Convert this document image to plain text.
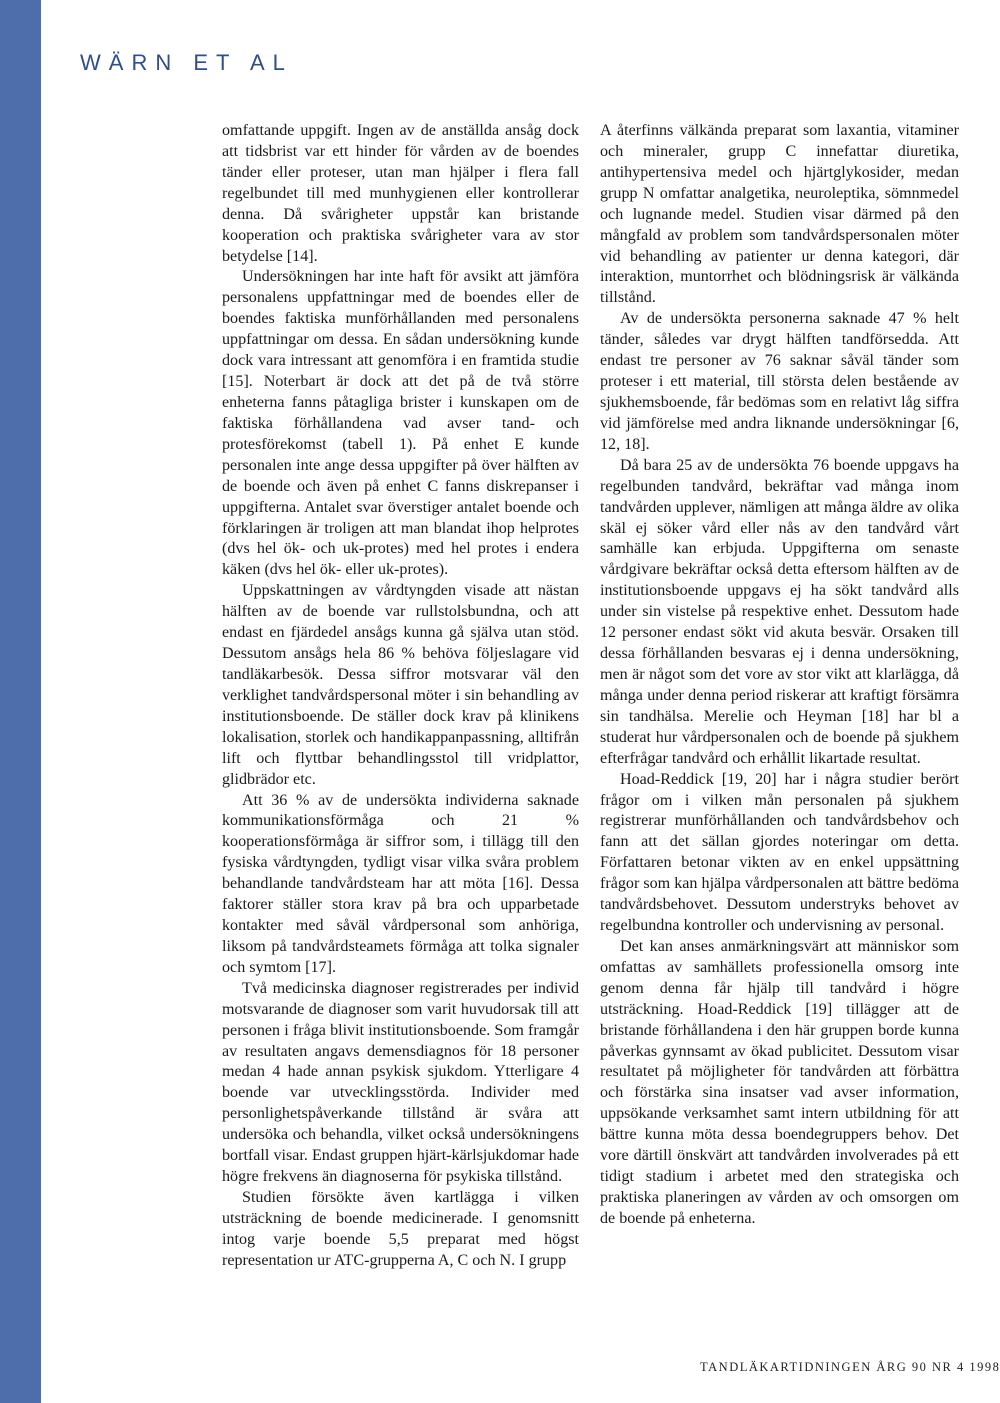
WÄRN ET AL

omfattande uppgift. Ingen av de anställda ansåg dock att tidsbrist var ett hinder för vården av de boendes tänder eller proteser, utan man hjälper i flera fall regelbundet till med munhygienen eller kontrollerar denna. Då svårigheter uppstår kan bristande kooperation och praktiska svårigheter vara av stor betydelse [14].

Undersökningen har inte haft för avsikt att jämföra personalens uppfattningar med de boendes eller de boendes faktiska munförhållanden med personalens uppfattningar om dessa. En sådan undersökning kunde dock vara intressant att genomföra i en framtida studie [15]. Noterbart är dock att det på de två större enheterna fanns påtagliga brister i kunskapen om de faktiska förhållandena vad avser tand- och protesförekomst (tabell 1). På enhet E kunde personalen inte ange dessa uppgifter på över hälften av de boende och även på enhet C fanns diskrepanser i uppgifterna. Antalet svar överstiger antalet boende och förklaringen är troligen att man blandat ihop helprotes (dvs hel ök- och uk-protes) med hel protes i endera käken (dvs hel ök- eller uk-protes).

Uppskattningen av vårdtyngden visade att nästan hälften av de boende var rullstolsbundna, och att endast en fjärdedel ansågs kunna gå själva utan stöd. Dessutom ansågs hela 86 % behöva följeslagare vid tandläkarbesök. Dessa siffror motsvarar väl den verklighet tandvårdspersonal möter i sin behandling av institutionsboende. De ställer dock krav på klinikens lokalisation, storlek och handikappanpassning, alltifrån lift och flyttbar behandlingsstol till vridplattor, glidbrädor etc.

Att 36 % av de undersökta individerna saknade kommunikationsförmåga och 21 % kooperationsförmåga är siffror som, i tillägg till den fysiska vårdtyngden, tydligt visar vilka svåra problem behandlande tandvårdsteam har att möta [16]. Dessa faktorer ställer stora krav på bra och upparbetade kontakter med såväl vårdpersonal som anhöriga, liksom på tandvårdsteamets förmåga att tolka signaler och symtom [17].

Två medicinska diagnoser registrerades per individ motsvarande de diagnoser som varit huvudorsak till att personen i fråga blivit institutionsboende. Som framgår av resultaten angavs demensdiagnos för 18 personer medan 4 hade annan psykisk sjukdom. Ytterligare 4 boende var utvecklingsstörda. Individer med personlighetspåverkande tillstånd är svåra att undersöka och behandla, vilket också undersökningens bortfall visar. Endast gruppen hjärt-kärlsjukdomar hade högre frekvens än diagnoserna för psykiska tillstånd.

Studien försökte även kartlägga i vilken utsträckning de boende medicinerade. I genomsnitt intog varje boende 5,5 preparat med högst representation ur ATC-grupperna A, C och N. I grupp

A återfinns välkända preparat som laxantia, vitaminer och mineraler, grupp C innefattar diuretika, antihypertensiva medel och hjärtglykosider, medan grupp N omfattar analgetika, neuroleptika, sömnmedel och lugnande medel. Studien visar därmed på den mångfald av problem som tandvårdspersonalen möter vid behandling av patienter ur denna kategori, där interaktion, muntorrhet och blödningsrisk är välkända tillstånd.

Av de undersökta personerna saknade 47 % helt tänder, således var drygt hälften tandförsedda. Att endast tre personer av 76 saknar såväl tänder som proteser i ett material, till största delen bestående av sjukhemsboende, får bedömas som en relativt låg siffra vid jämförelse med andra liknande undersökningar [6, 12, 18].

Då bara 25 av de undersökta 76 boende uppgavs ha regelbunden tandvård, bekräftar vad många inom tandvården upplever, nämligen att många äldre av olika skäl ej söker vård eller nås av den tandvård vårt samhälle kan erbjuda. Uppgifterna om senaste vårdgivare bekräftar också detta eftersom hälften av de institutionsboende uppgavs ej ha sökt tandvård alls under sin vistelse på respektive enhet. Dessutom hade 12 personer endast sökt vid akuta besvär. Orsaken till dessa förhållanden besvaras ej i denna undersökning, men är något som det vore av stor vikt att klarlägga, då många under denna period riskerar att kraftigt försämra sin tandhälsa. Merelie och Heyman [18] har bl a studerat hur vårdpersonalen och de boende på sjukhem efterfrågar tandvård och erhållit likartade resultat.

Hoad-Reddick [19, 20] har i några studier berört frågor om i vilken mån personalen på sjukhem registrerar munförhållanden och tandvårdsbehov och fann att det sällan gjordes noteringar om detta. Författaren betonar vikten av en enkel uppsättning frågor som kan hjälpa vårdpersonalen att bättre bedöma tandvårdsbehovet. Dessutom understryks behovet av regelbundna kontroller och undervisning av personal.

Det kan anses anmärkningsvärt att människor som omfattas av samhällets professionella omsorg inte genom denna får hjälp till tandvård i högre utsträckning. Hoad-Reddick [19] tillägger att de bristande förhållandena i den här gruppen borde kunna påverkas gynnsamt av ökad publicitet. Dessutom visar resultatet på möjligheter för tandvården att förbättra och förstärka sina insatser vad avser information, uppsökande verksamhet samt intern utbildning för att bättre kunna möta dessa boendegruppers behov. Det vore därtill önskvärt att tandvården involverades på ett tidigt stadium i arbetet med den strategiska och praktiska planeringen av vården av och omsorgen om de boende på enheterna.

TANDLÄKARTIDNINGEN ÅRG 90 NR 4 1998
